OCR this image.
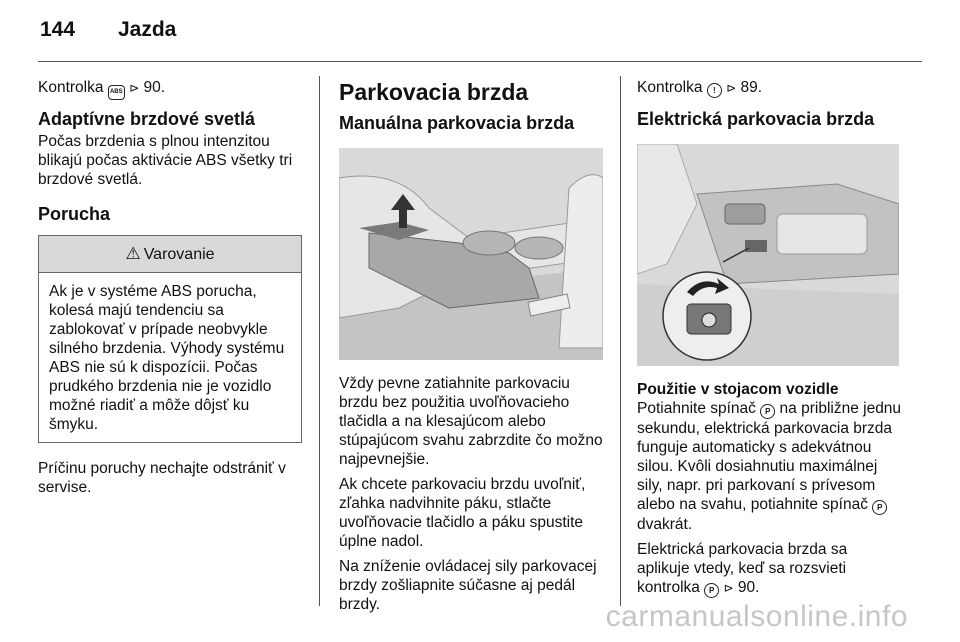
144 Jazda

Kontrolka ABS ⊳ 90.

Adaptívne brzdové svetlá

Počas brzdenia s plnou intenzitou blikajú počas aktivácie ABS všetky tri brzdové svetlá.

Porucha
⚠ Varovanie
Ak je v systéme ABS porucha, kolesá majú tendenciu sa zablokovať v prípade neobvykle silného brzdenia. Výhody systému ABS nie sú k dispozícii. Počas prudkého brzdenia nie je vozidlo možné riadiť a môže dôjsť ku šmyku.

Príčinu poruchy nechajte odstrániť v servise.

Parkovacia brzda
Manuálna parkovacia brzda

Vždy pevne zatiahnite parkovaciu brzdu bez použitia uvoľňovacieho tlačidla a na klesajúcom alebo stúpajúcom svahu zabrzdite čo možno najpevnejšie.

Ak chcete parkovaciu brzdu uvoľniť, zľahka nadvihnite páku, stlačte uvoľňovacie tlačidlo a páku spustite úplne nadol.

Na zníženie ovládacej sily parkovacej brzdy zošliapnite súčasne aj pedál brzdy.

Kontrolka ! ⊳ 89.

Elektrická parkovacia brzda
Použitie v stojacom vozidle

Potiahnite spínač P na približne jednu sekundu, elektrická parkovacia brzda funguje automaticky s adekvátnou silou. Kvôli dosiahnutiu maximálnej sily, napr. pri parkovaní s prívesom alebo na svahu, potiahnite spínač P dvakrát.

Elektrická parkovacia brzda sa aplikuje vtedy, keď sa rozsvieti kontrolka P ⊳ 90.

carmanualsonline.info
